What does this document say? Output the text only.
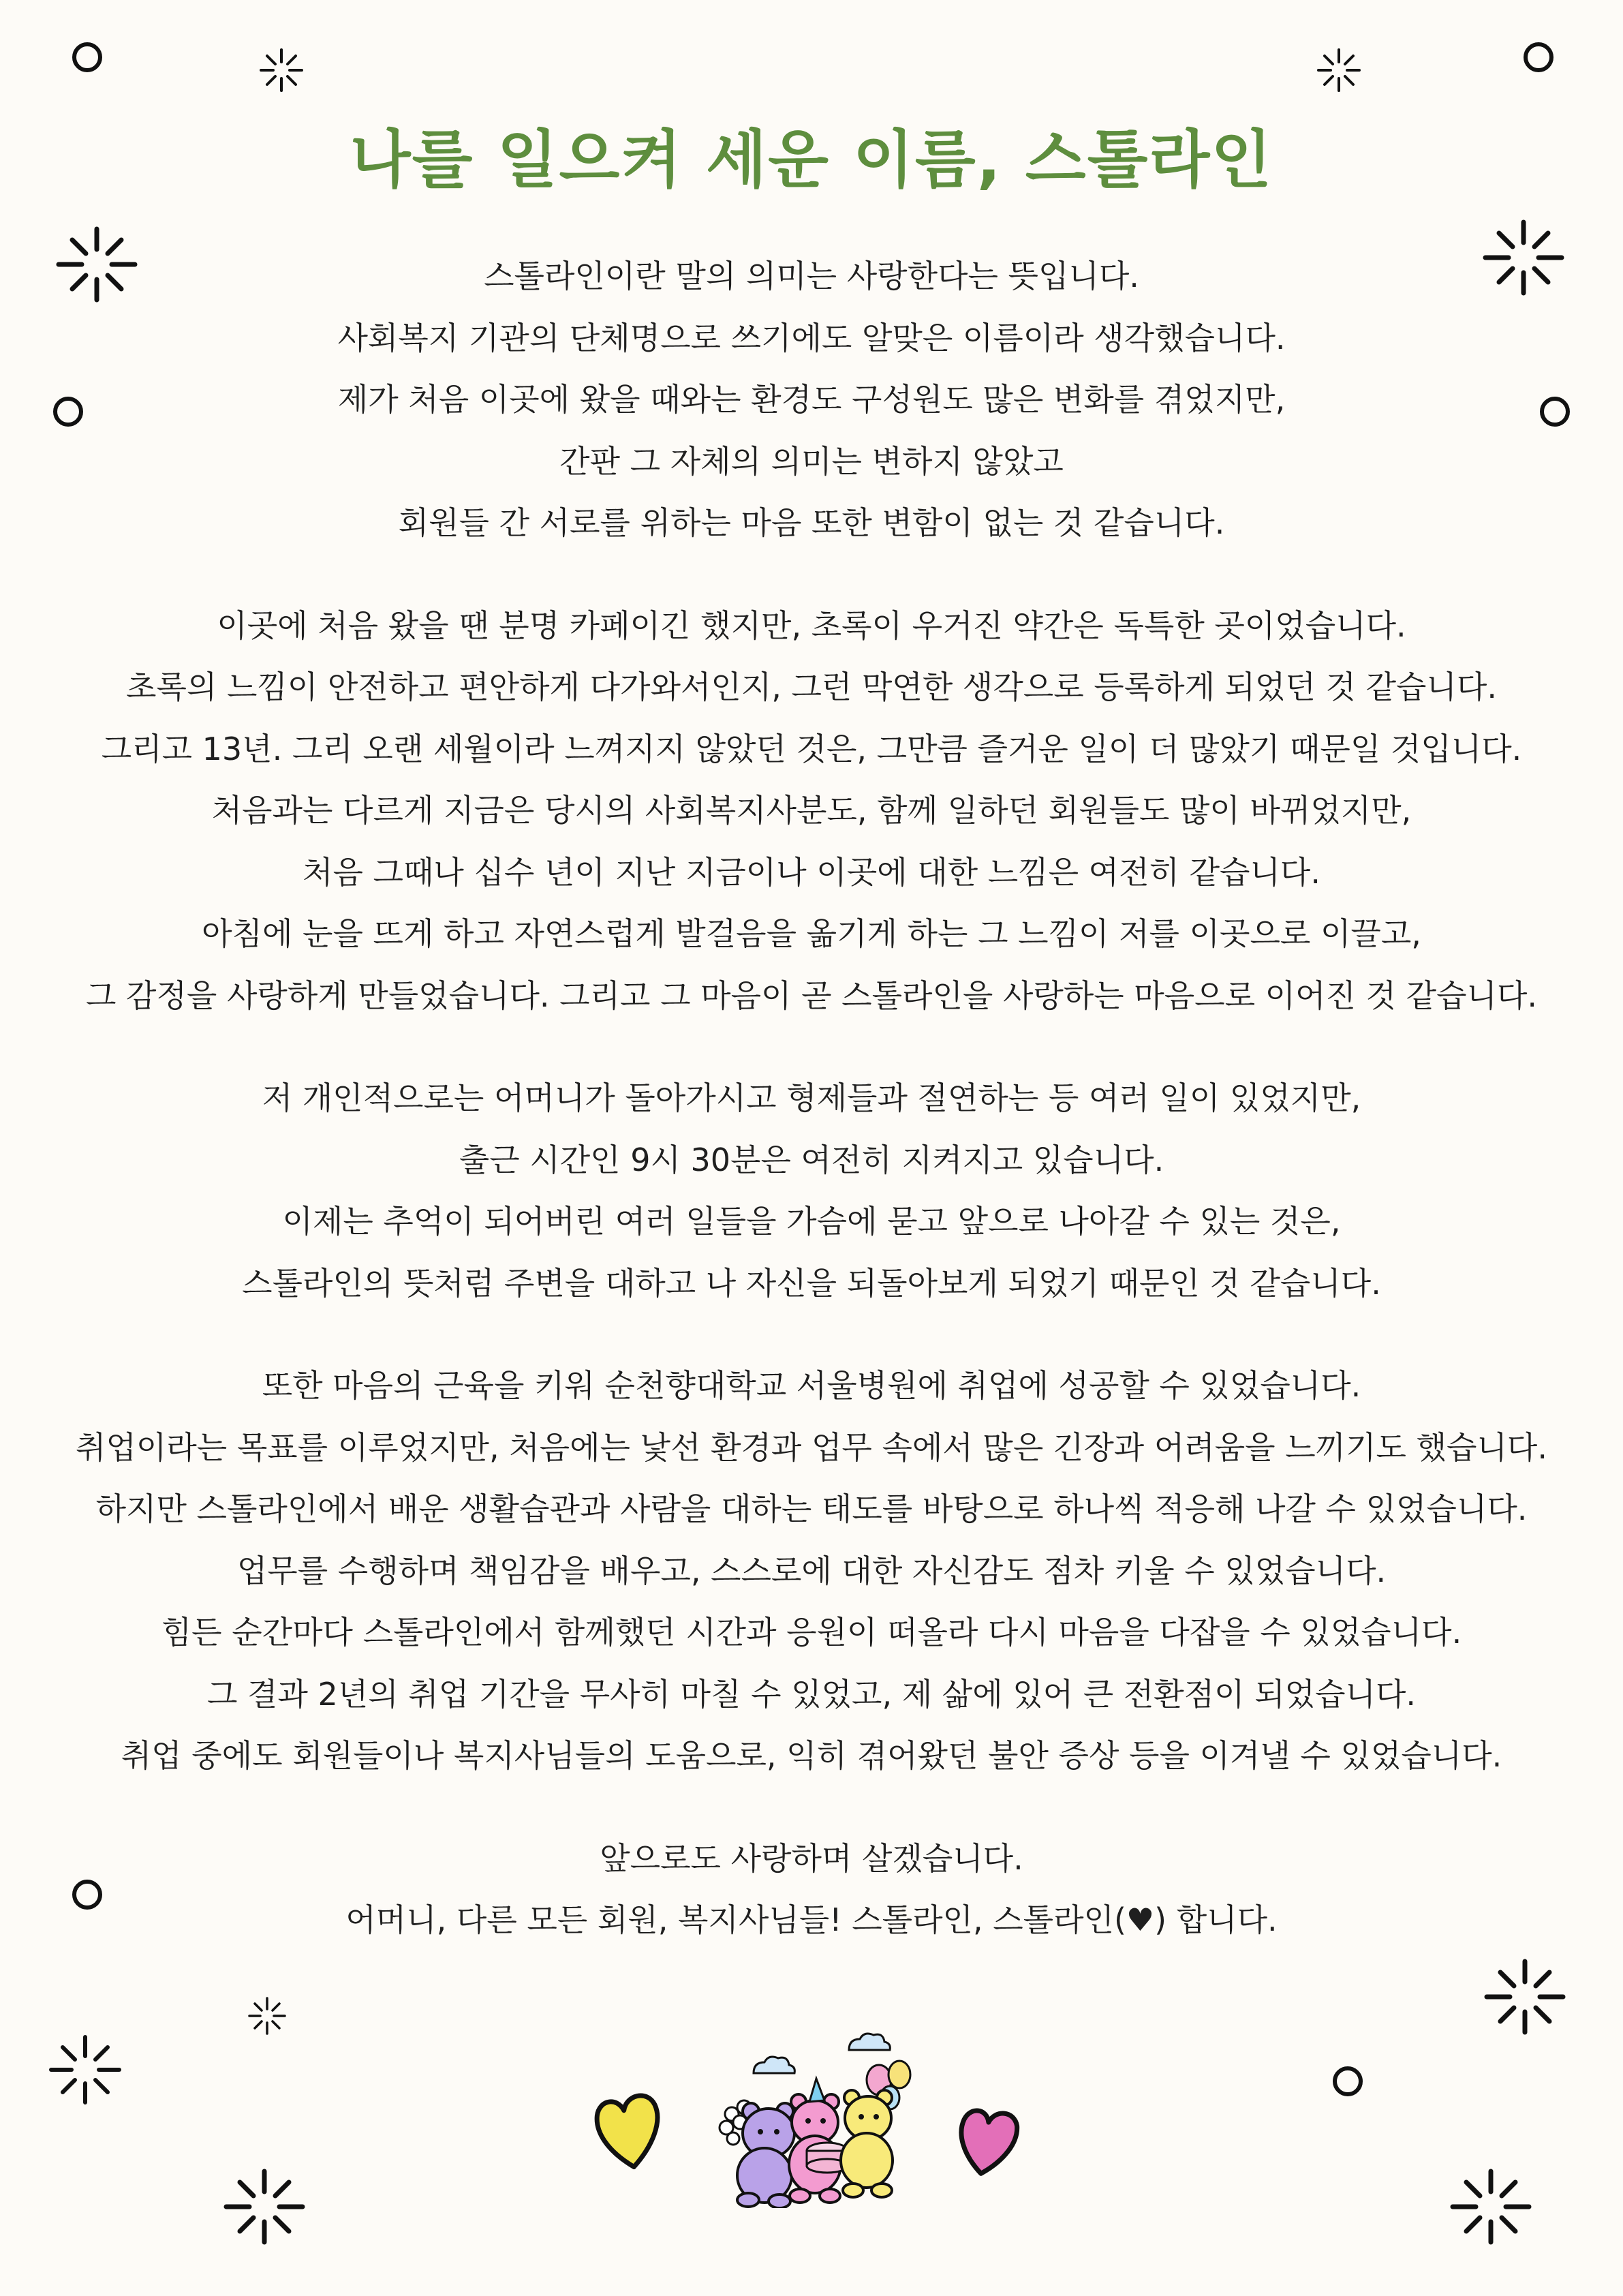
나를 일으켜 세운 이름, 스톨라인
스톨라인이란 말의 의미는 사랑한다는 뜻입니다.
사회복지 기관의 단체명으로 쓰기에도 알맞은 이름이라 생각했습니다.
제가 처음 이곳에 왔을 때와는 환경도 구성원도 많은 변화를 겪었지만,
간판 그 자체의 의미는 변하지 않았고
회원들 간 서로를 위하는 마음 또한 변함이 없는 것 같습니다.
이곳에 처음 왔을 땐 분명 카페이긴 했지만, 초록이 우거진 약간은 독특한 곳이었습니다.
초록의 느낌이 안전하고 편안하게 다가와서인지, 그런 막연한 생각으로 등록하게 되었던 것 같습니다.
그리고 13년. 그리 오랜 세월이라 느껴지지 않았던 것은, 그만큼 즐거운 일이 더 많았기 때문일 것입니다.
처음과는 다르게 지금은 당시의 사회복지사분도, 함께 일하던 회원들도 많이 바뀌었지만,
처음 그때나 십수 년이 지난 지금이나 이곳에 대한 느낌은 여전히 같습니다.
아침에 눈을 뜨게 하고 자연스럽게 발걸음을 옮기게 하는 그 느낌이 저를 이곳으로 이끌고,
그 감정을 사랑하게 만들었습니다. 그리고 그 마음이 곧 스톨라인을 사랑하는 마음으로 이어진 것 같습니다.
저 개인적으로는 어머니가 돌아가시고 형제들과 절연하는 등 여러 일이 있었지만,
출근 시간인 9시 30분은 여전히 지켜지고 있습니다.
이제는 추억이 되어버린 여러 일들을 가슴에 묻고 앞으로 나아갈 수 있는 것은,
스톨라인의 뜻처럼 주변을 대하고 나 자신을 되돌아보게 되었기 때문인 것 같습니다.
또한 마음의 근육을 키워 순천향대학교 서울병원에 취업에 성공할 수 있었습니다.
취업이라는 목표를 이루었지만, 처음에는 낯선 환경과 업무 속에서 많은 긴장과 어려움을 느끼기도 했습니다.
하지만 스톨라인에서 배운 생활습관과 사람을 대하는 태도를 바탕으로 하나씩 적응해 나갈 수 있었습니다.
업무를 수행하며 책임감을 배우고, 스스로에 대한 자신감도 점차 키울 수 있었습니다.
힘든 순간마다 스톨라인에서 함께했던 시간과 응원이 떠올라 다시 마음을 다잡을 수 있었습니다.
그 결과 2년의 취업 기간을 무사히 마칠 수 있었고, 제 삶에 있어 큰 전환점이 되었습니다.
취업 중에도 회원들이나 복지사님들의 도움으로, 익히 겪어왔던 불안 증상 등을 이겨낼 수 있었습니다.
앞으로도 사랑하며 살겠습니다.
어머니, 다른 모든 회원, 복지사님들! 스톨라인, 스톨라인(♥) 합니다.
